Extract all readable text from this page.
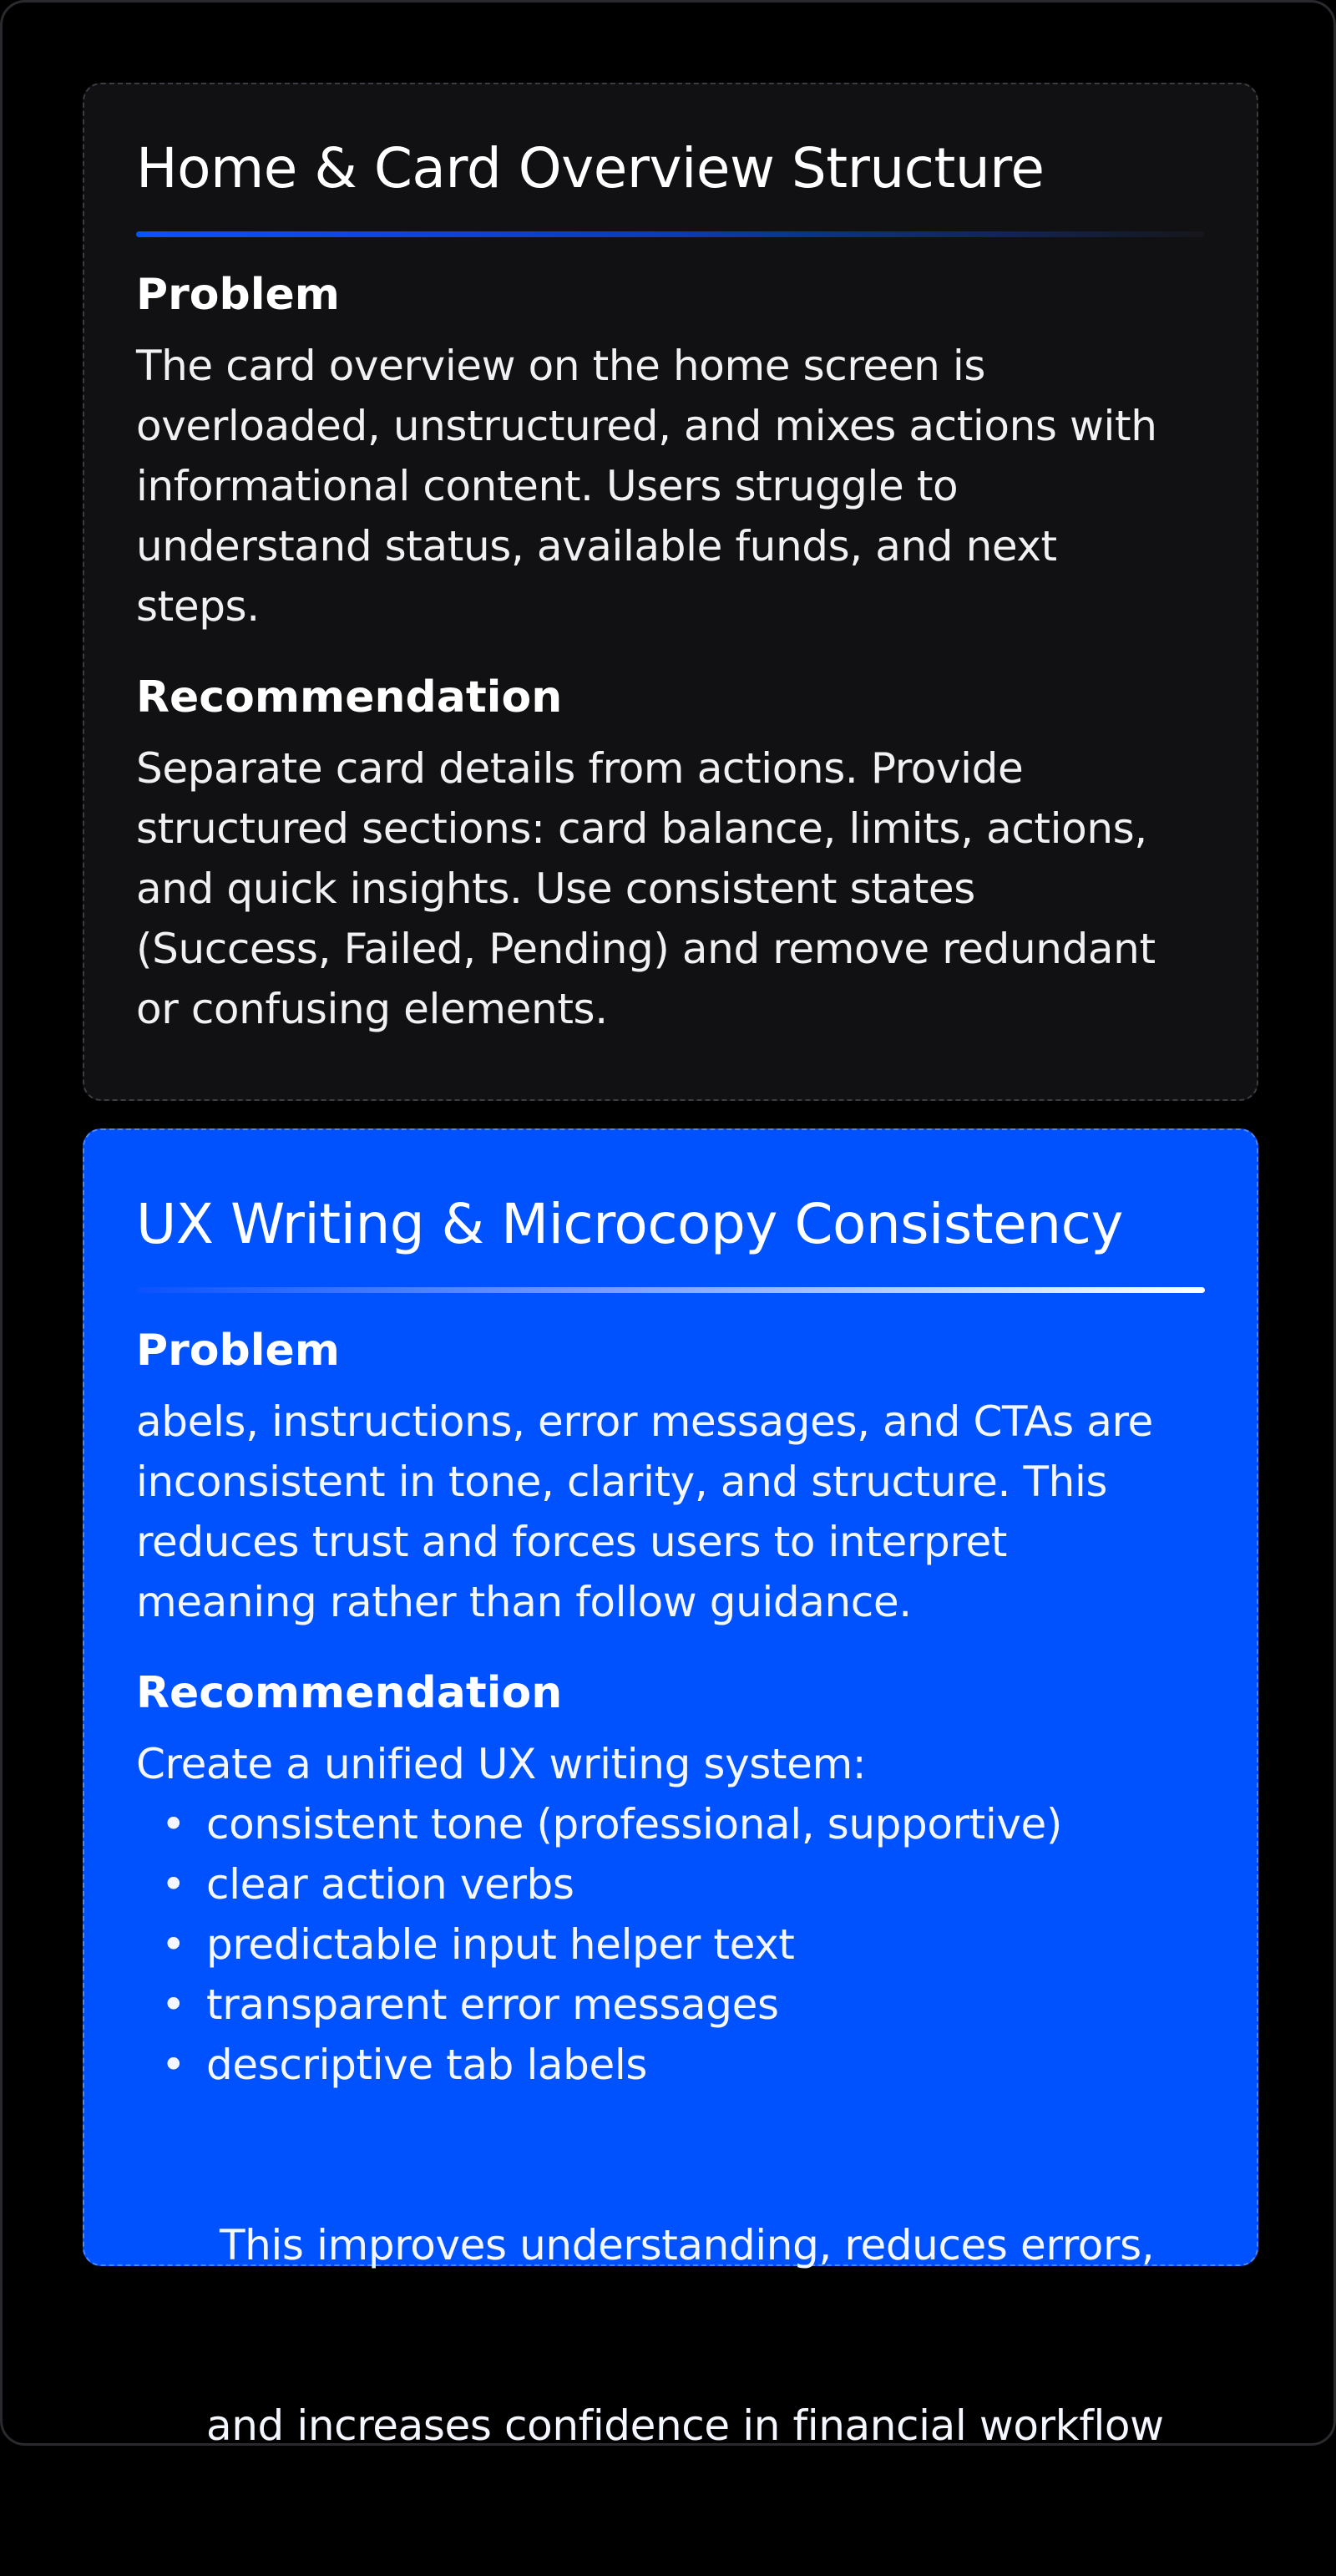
Home & Card Overview Structure
Problem

The card overview on the home screen is
overloaded, unstructured, and mixes actions with
informational content. Users struggle to
understand status, available funds, and next
steps.

Recommendation

Separate card details from actions. Provide
structured sections: card balance, limits, actions,
and quick insights. Use consistent states
(Success, Failed, Pending) and remove redundant
or confusing elements.

UX Writing & Microcopy Consistency
Problem

abels, instructions, error messages, and CTAs are
inconsistent in tone, clarity, and structure. This
reduces trust and forces users to interpret
meaning rather than follow guidance.

Recommendation
Create a unified UX writing system:
• consistent tone (professional, supportive)
• clear action verbs
• predictable input helper text
• transparent error messages
• descriptive tab labels

This improves understanding, reduces errors,

and increases confidence in financial workflow
